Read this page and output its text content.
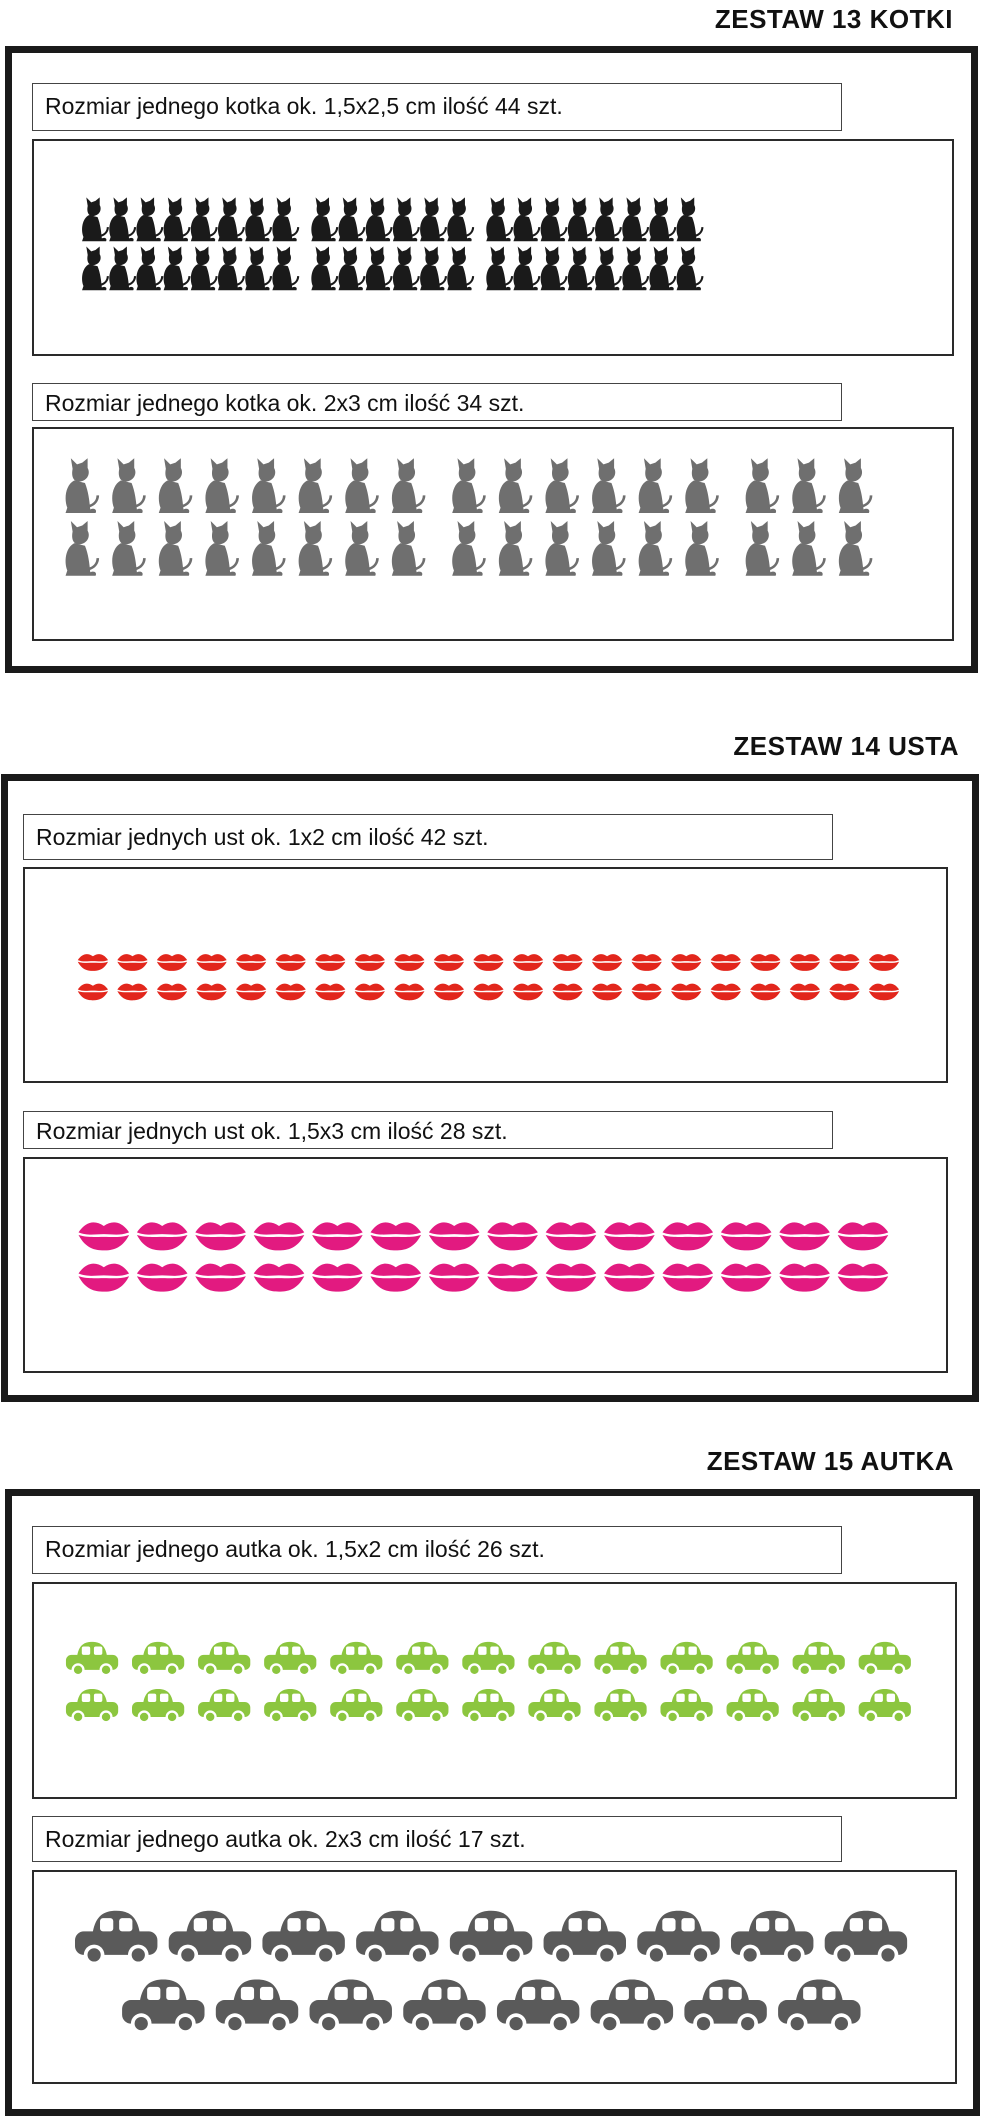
ZESTAW 13 KOTKI
Rozmiar jednego kotka ok. 1,5x2,5 cm ilość 44 szt.
Rozmiar jednego kotka ok. 2x3 cm ilość 34 szt.
ZESTAW 14 USTA
Rozmiar jednych ust ok. 1x2 cm ilość 42 szt.
Rozmiar jednych ust ok. 1,5x3 cm ilość 28 szt.
ZESTAW 15 AUTKA
Rozmiar jednego autka ok. 1,5x2 cm ilość 26 szt.
Rozmiar jednego autka ok. 2x3 cm ilość 17 szt.
